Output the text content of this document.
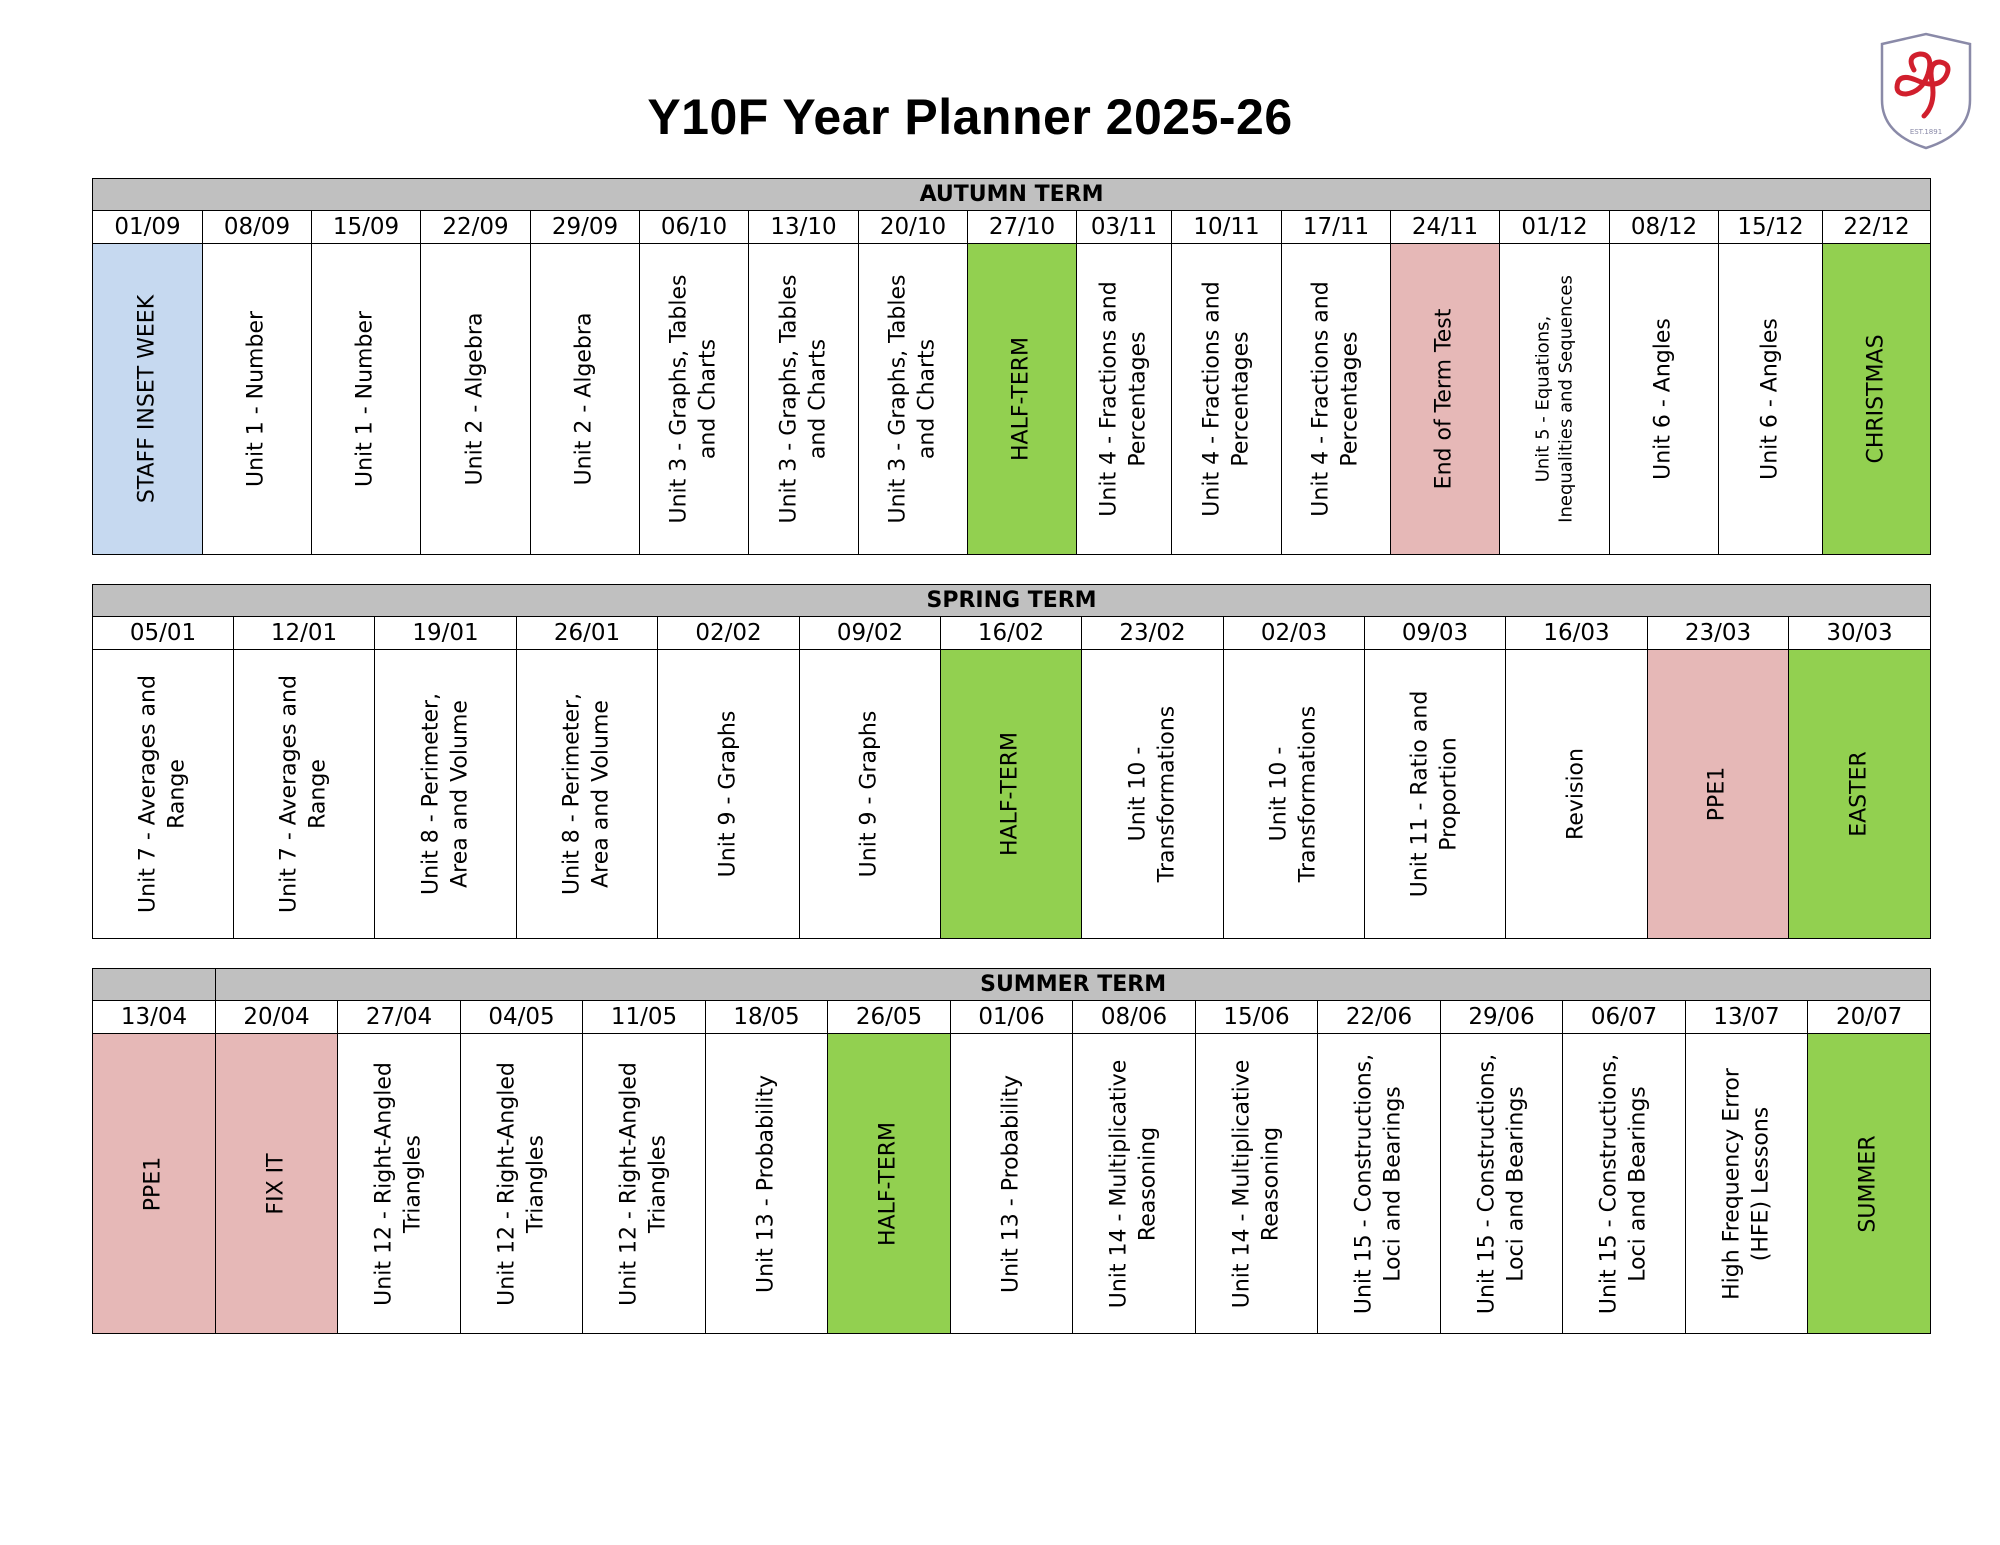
Y10F Year Planner 2025-26	EST.1891
AUTUMN TERM																
01/09	08/09	15/09	22/09	29/09	06/10	13/10	20/10	27/10	03/11	10/11	17/11	24/11	01/12	08/12	15/12	22/12

STAFF INSET WEEK	Unit 1 - Number	Unit 1 - Number	Unit 2 - Algebra	Unit 2 - Algebra	Unit 3 - Graphs, Tables
and Charts	Unit 3 - Graphs, Tables
and Charts	Unit 3 - Graphs, Tables
and Charts	HALF-TERM	Unit 4 - Fractions and
Percentages	Unit 4 - Fractions and
Percentages	Unit 4 - Fractions and
Percentages	End of Term Test	Unit 5 - Equations,
Inequalities and Sequences	Unit 6 - Angles	Unit 6 - Angles	CHRISTMAS
SPRING TERM												
05/01	12/01	19/01	26/01	02/02	09/02	16/02	23/02	02/03	09/03	16/03	23/03	30/03

Unit 7 - Averages and
Range	Unit 7 - Averages and
Range	Unit 8 - Perimeter,
Area and Volume	Unit 8 - Perimeter,
Area and Volume	Unit 9 - Graphs	Unit 9 - Graphs	HALF-TERM	Unit 10 -
Transformations	Unit 10 -
Transformations	Unit 11 - Ratio and
Proportion	Revision	PPE1	EASTER
	SUMMER TERM													
13/04	20/04	27/04	04/05	11/05	18/05	26/05	01/06	08/06	15/06	22/06	29/06	06/07	13/07	20/07

PPE1	FIX IT	Unit 12 - Right-Angled
Triangles	Unit 12 - Right-Angled
Triangles	Unit 12 - Right-Angled
Triangles	Unit 13 - Probability	HALF-TERM	Unit 13 - Probability	Unit 14 - Multiplicative
Reasoning	Unit 14 - Multiplicative
Reasoning	Unit 15 - Constructions,
Loci and Bearings	Unit 15 - Constructions,
Loci and Bearings	Unit 15 - Constructions,
Loci and Bearings	High Frequency Error
(HFE) Lessons	SUMMER
